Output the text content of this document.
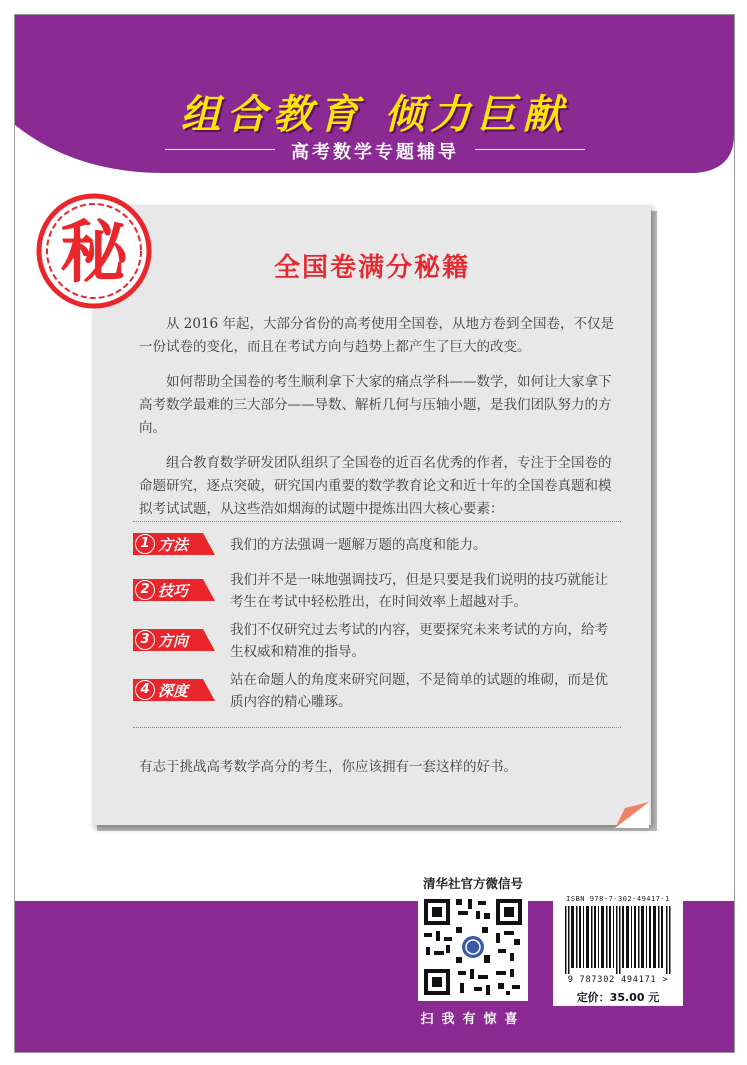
组合教育 倾力巨献
高考数学专题辅导
秘	全国卷满分秘籍

从 2016 年起，大部分省份的高考使用全国卷，从地方卷到全国卷，不仅是一份试卷的变化，而且在考试方向与趋势上都产生了巨大的改变。

如何帮助全国卷的考生顺利拿下大家的痛点学科——数学，如何让大家拿下高考数学最难的三大部分——导数、解析几何与压轴小题，是我们团队努力的方向。

组合教育数学研发团队组织了全国卷的近百名优秀的作者，专注于全国卷的命题研究，逐点突破，研究国内重要的数学教育论文和近十年的全国卷真题和模拟考试试题，从这些浩如烟海的试题中提炼出四大核心要素：

1 方法	我们的方法强调一题解万题的高度和能力。

2 技巧

我们并不是一味地强调技巧，但是只要是我们说明的技巧就能让考生在考试中轻松胜出，在时间效率上超越对手。

3 方向

我们不仅研究过去考试的内容，更要探究未来考试的方向，给考生权威和精准的指导。

4 深度

站在命题人的角度来研究问题，不是简单的试题的堆砌，而是优质内容的精心雕琢。

有志于挑战高考数学高分的考生，你应该拥有一套这样的好书。
清华社官方微信号
扫我有惊喜
ISBN 978-7-302-49417-1
9 787302 494171 >
定价：35.00 元
